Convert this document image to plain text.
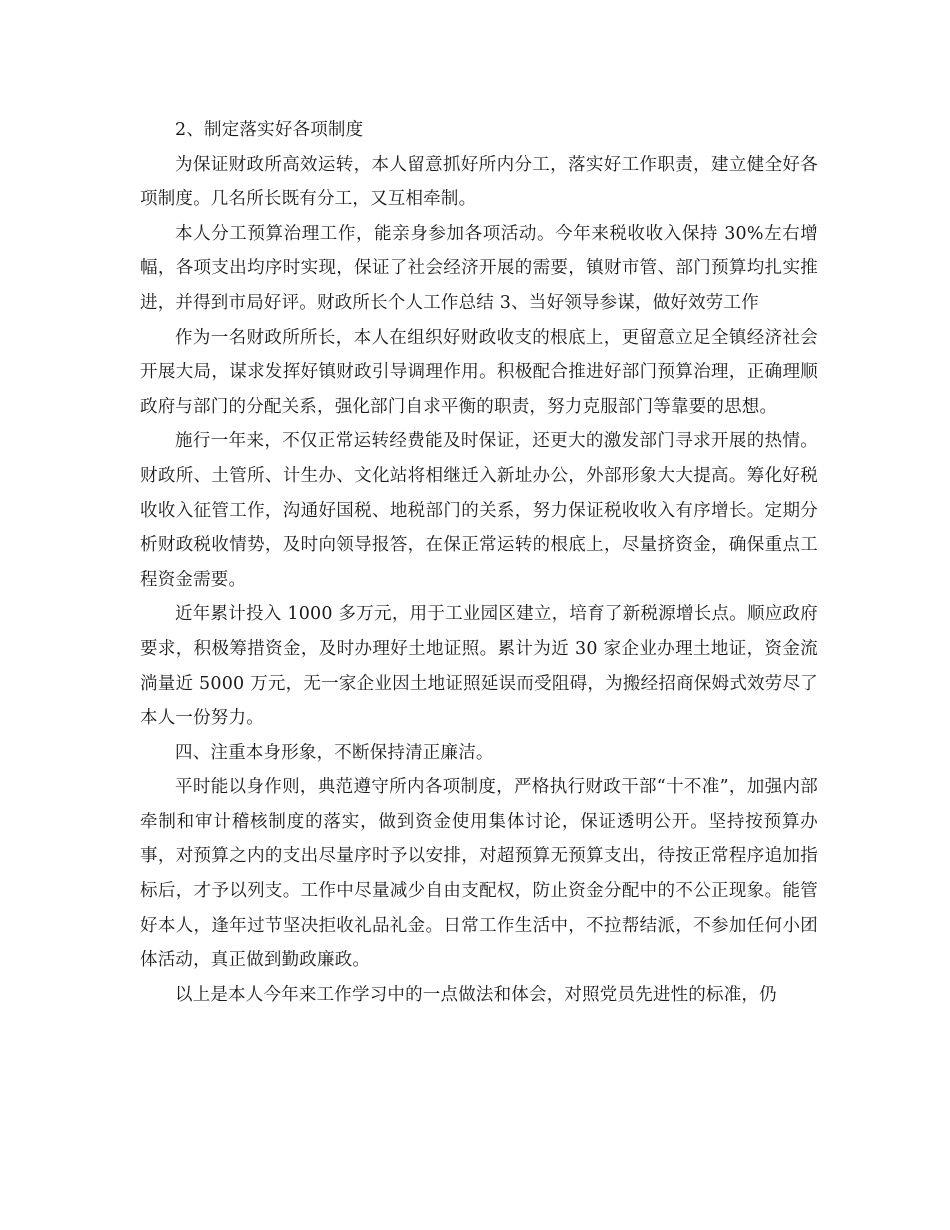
2、制定落实好各项制度

为保证财政所高效运转，本人留意抓好所内分工，落实好工作职责，建立健全好各项制度。几名所长既有分工，又互相牵制。

本人分工预算治理工作，能亲身参加各项活动。今年来税收收入保持 30%左右增幅，各项支出均序时实现，保证了社会经济开展的需要，镇财市管、部门预算均扎实推进，并得到市局好评。财政所长个人工作总结 3、当好领导参谋，做好效劳工作

作为一名财政所所长，本人在组织好财政收支的根底上，更留意立足全镇经济社会开展大局，谋求发挥好镇财政引导调理作用。积极配合推进好部门预算治理，正确理顺政府与部门的分配关系，强化部门自求平衡的职责，努力克服部门等靠要的思想。

施行一年来，不仅正常运转经费能及时保证，还更大的激发部门寻求开展的热情。财政所、土管所、计生办、文化站将相继迁入新址办公，外部形象大大提高。筹化好税收收入征管工作，沟通好国税、地税部门的关系，努力保证税收收入有序增长。定期分析财政税收情势，及时向领导报答，在保正常运转的根底上，尽量挤资金，确保重点工程资金需要。

近年累计投入 1000 多万元，用于工业园区建立，培育了新税源增长点。顺应政府要求，积极筹措资金，及时办理好土地证照。累计为近 30 家企业办理土地证，资金流淌量近 5000 万元，无一家企业因土地证照延误而受阻碍，为搬经招商保姆式效劳尽了本人一份努力。

四、注重本身形象，不断保持清正廉洁。

平时能以身作则，典范遵守所内各项制度，严格执行财政干部“十不准”，加强内部牵制和审计稽核制度的落实，做到资金使用集体讨论，保证透明公开。坚持按预算办事，对预算之内的支出尽量序时予以安排，对超预算无预算支出，待按正常程序追加指标后，才予以列支。工作中尽量减少自由支配权，防止资金分配中的不公正现象。能管好本人，逢年过节坚决拒收礼品礼金。日常工作生活中，不拉帮结派，不参加任何小团体活动，真正做到勤政廉政。

以上是本人今年来工作学习中的一点做法和体会，对照党员先进性的标准，仍
